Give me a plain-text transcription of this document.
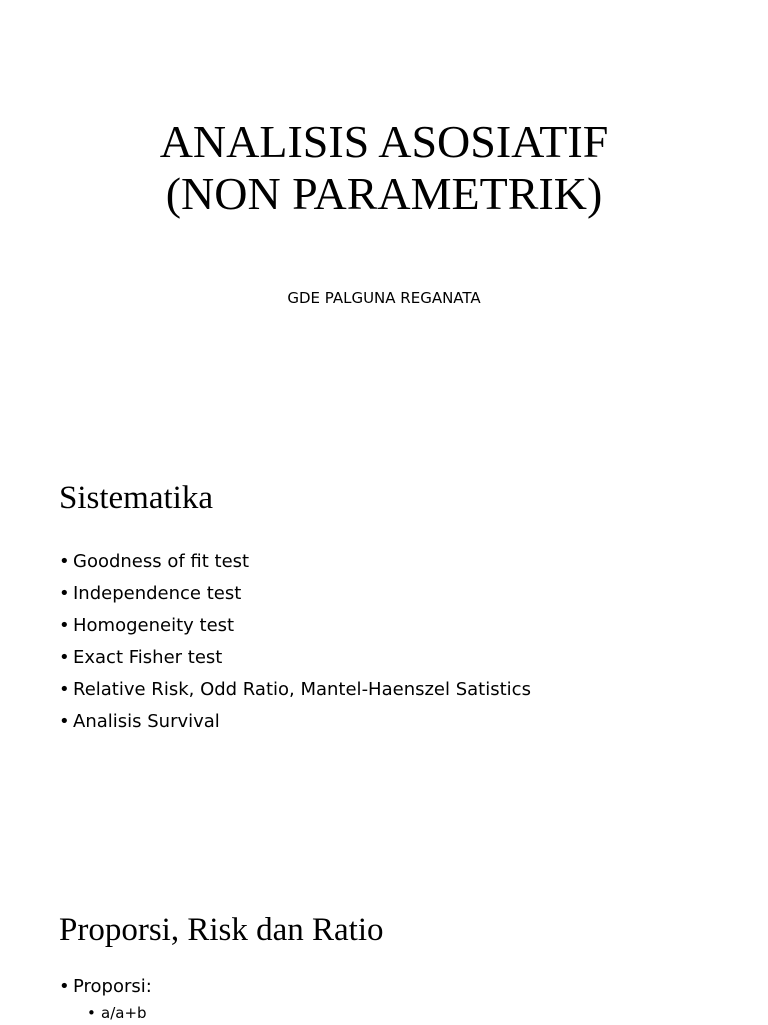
ANALISIS ASOSIATIF
(NON PARAMETRIK)
GDE PALGUNA REGANATA
Sistematika
• Goodness of fit test
• Independence test
• Homogeneity test
• Exact Fisher test
• Relative Risk, Odd Ratio, Mantel-Haenszel Satistics
• Analisis Survival
Proporsi, Risk dan Ratio
• Proporsi:
• a/a+b
